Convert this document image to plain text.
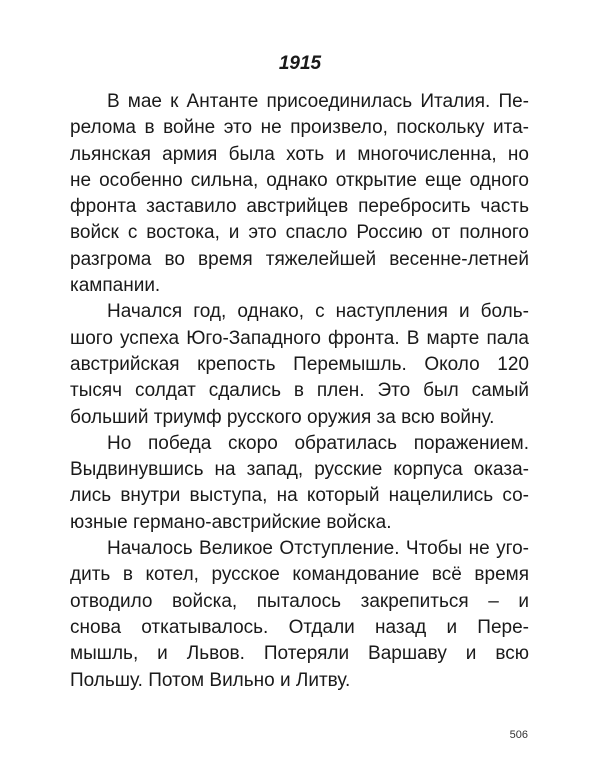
1915
В мае к Антанте присоединилась Италия. Пе-
релома в войне это не произвело, поскольку ита-
льянская армия была хоть и многочисленна, но
не особенно сильна, однако открытие еще одного
фронта заставило австрийцев перебросить часть
войск с востока, и это спасло Россию от полного
разгрома во время тяжелейшей весенне-летней
кампании.
Начался год, однако, с наступления и боль-
шого успеха Юго-Западного фронта. В марте пала
австрийская крепость Перемышль. Около 120
тысяч солдат сдались в плен. Это был самый
больший триумф русского оружия за всю войну.
Но победа скоро обратилась поражением.
Выдвинувшись на запад, русские корпуса оказа-
лись внутри выступа, на который нацелились со-
юзные германо-австрийские войска.
Началось Великое Отступление. Чтобы не уго-
дить в котел, русское командование всё время
отводило войска, пыталось закрепиться – и
снова откатывалось. Отдали назад и Пере-
мышль, и Львов. Потеряли Варшаву и всю
Польшу. Потом Вильно и Литву.
506
